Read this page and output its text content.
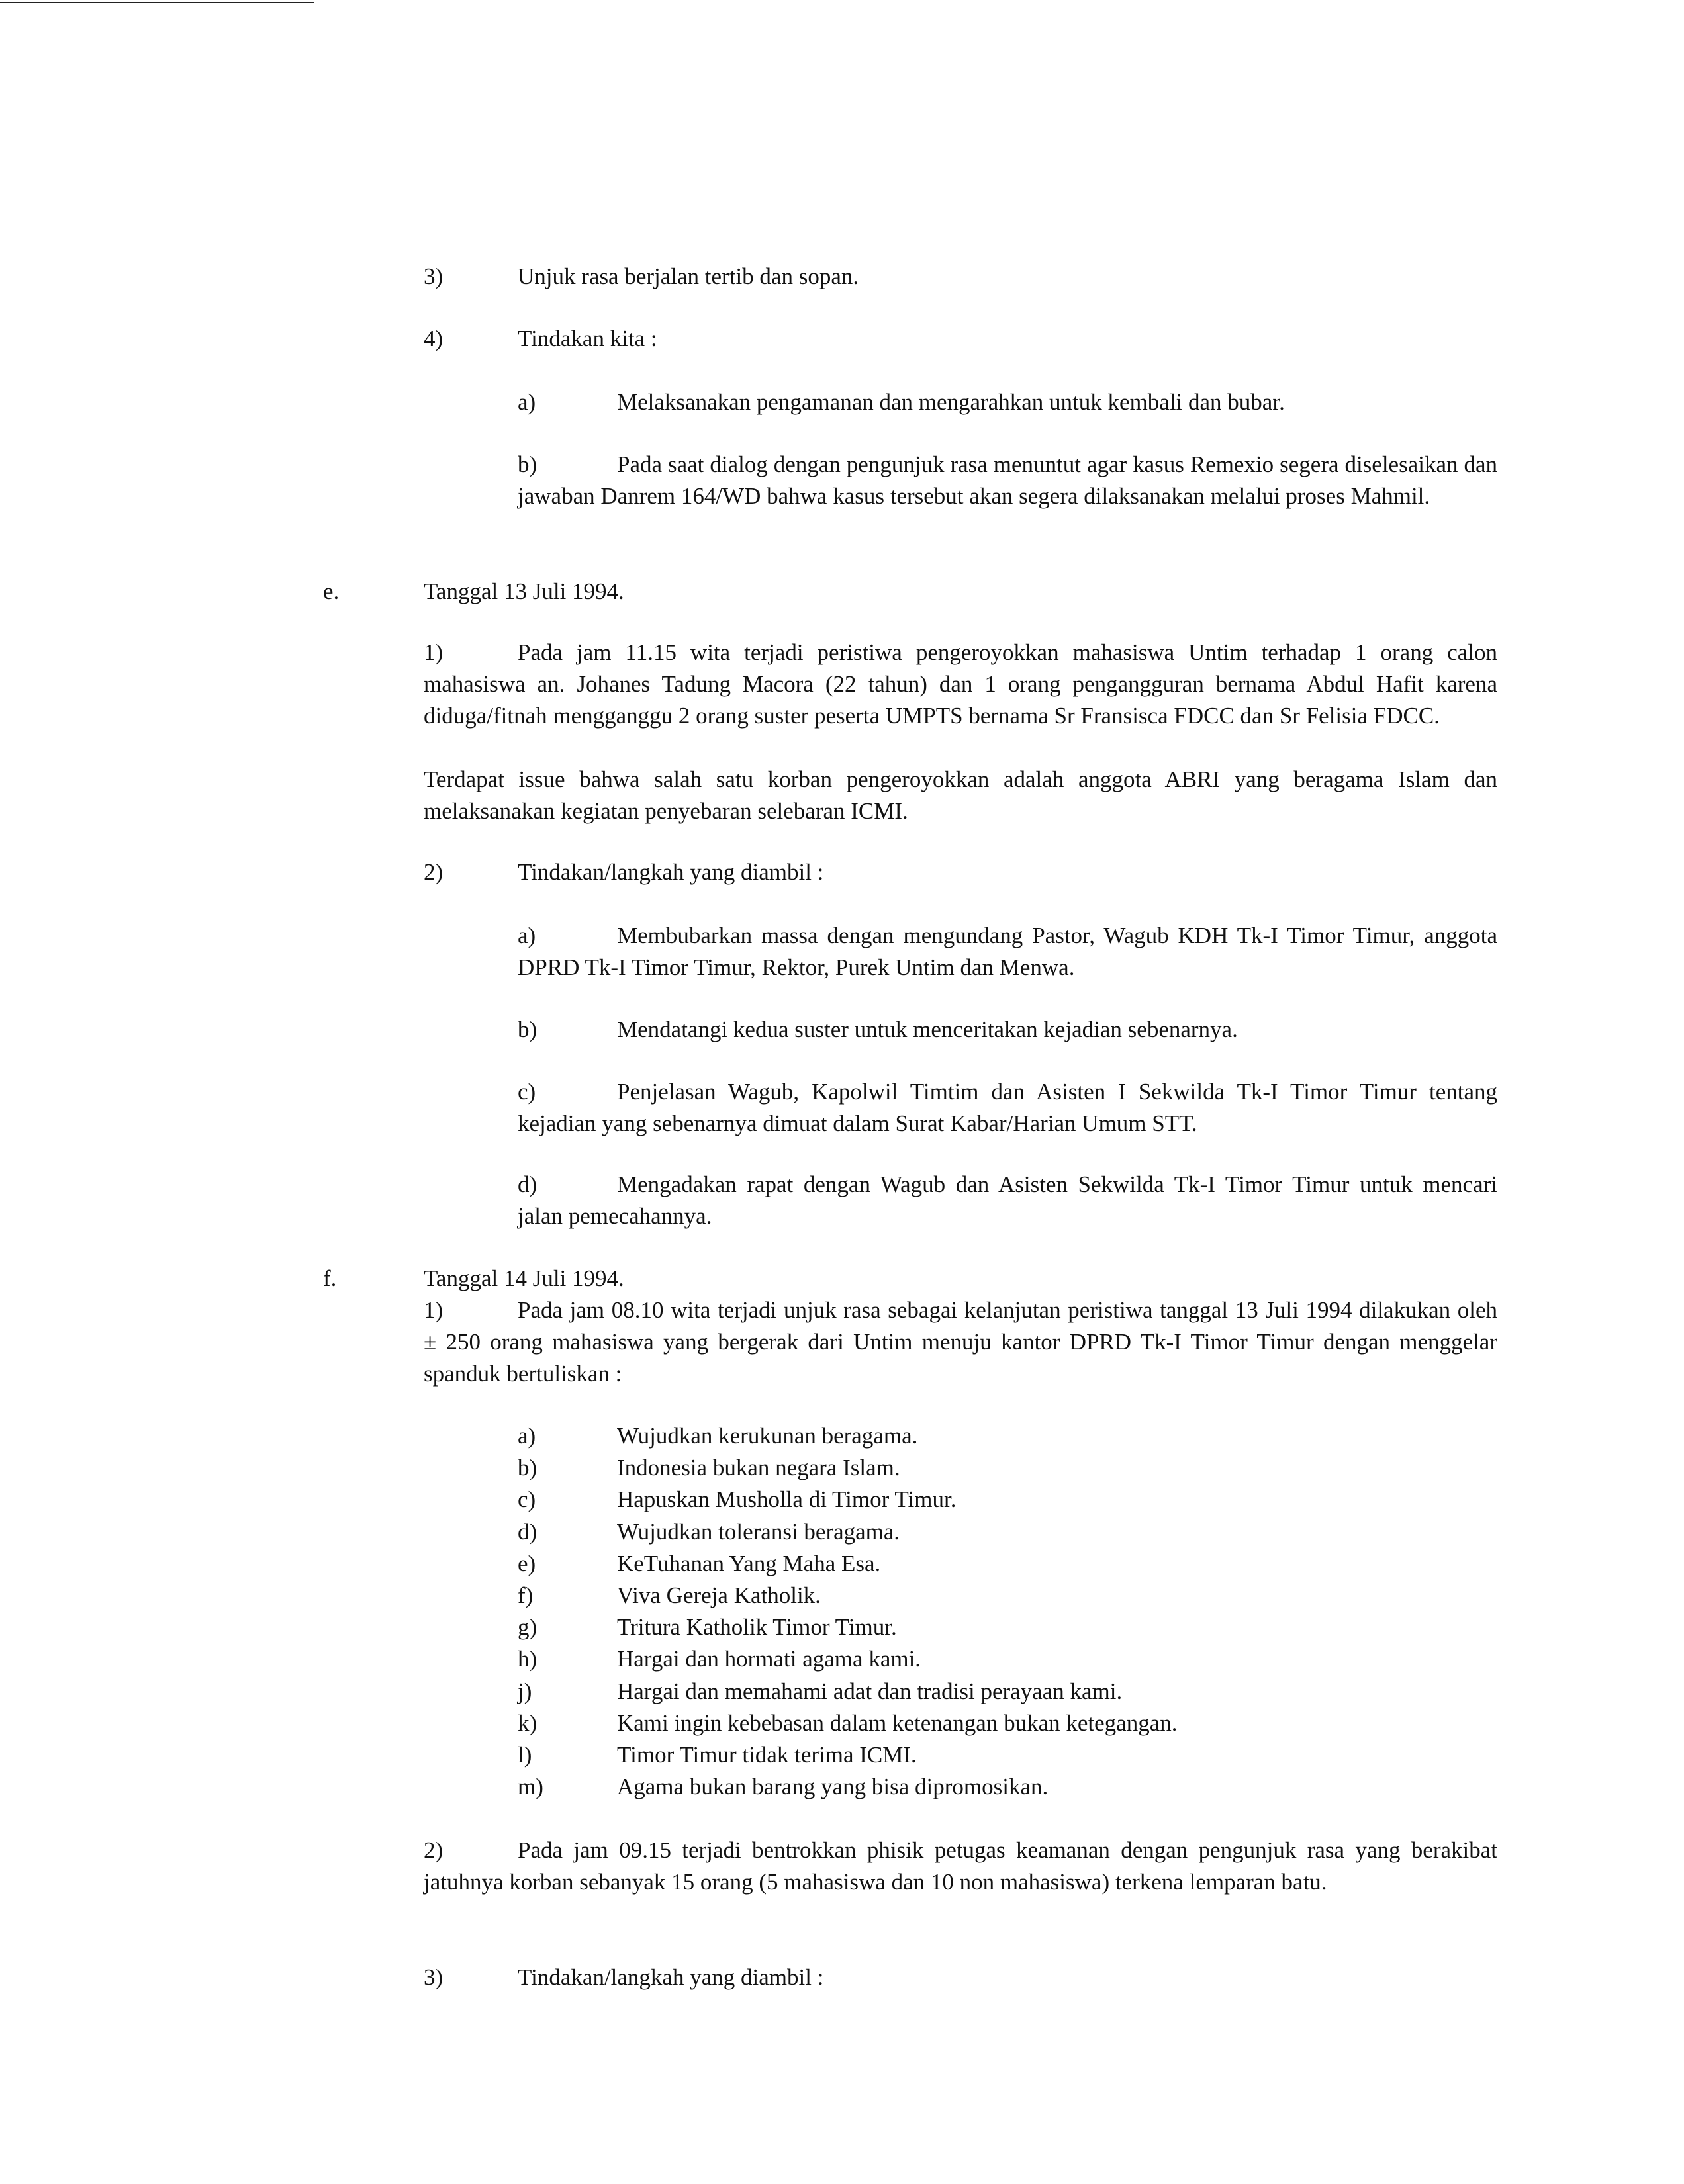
3)	Unjuk rasa berjalan tertib dan sopan.
4)	Tindakan kita :
a)	Melaksanakan pengamanan dan mengarahkan untuk kembali dan bubar.
b)	Pada saat dialog dengan pengunjuk rasa menuntut agar kasus Remexio segera diselesaikan dan jawaban Danrem 164/WD bahwa kasus tersebut akan segera dilaksanakan melalui proses Mahmil.
e.	Tanggal 13 Juli 1994.
1)	Pada jam 11.15 wita terjadi peristiwa pengeroyokkan mahasiswa Untim terhadap 1 orang calon mahasiswa an. Johanes Tadung Macora (22 tahun) dan 1 orang pengangguran bernama Abdul Hafit karena diduga/fitnah mengganggu 2 orang suster peserta UMPTS bernama Sr Fransisca FDCC dan Sr Felisia FDCC.
Terdapat issue bahwa salah satu korban pengeroyokkan adalah anggota ABRI yang beragama Islam dan melaksanakan kegiatan penyebaran selebaran ICMI.
2)	Tindakan/langkah yang diambil :
a)	Membubarkan massa dengan mengundang Pastor, Wagub KDH Tk-I Timor Timur, anggota DPRD Tk-I Timor Timur, Rektor, Purek Untim dan Menwa.
b)	Mendatangi kedua suster untuk menceritakan kejadian sebenarnya.
c)	Penjelasan Wagub, Kapolwil Timtim dan Asisten I Sekwilda Tk-I Timor Timur tentang kejadian yang sebenarnya dimuat dalam Surat Kabar/Harian Umum STT.
d)	Mengadakan rapat dengan Wagub dan Asisten Sekwilda Tk-I Timor Timur untuk mencari jalan pemecahannya.
f.	Tanggal 14 Juli 1994.
1)	Pada jam 08.10 wita terjadi unjuk rasa sebagai kelanjutan peristiwa tanggal 13 Juli 1994 dilakukan oleh ± 250 orang mahasiswa yang bergerak dari Untim menuju kantor DPRD Tk-I Timor Timur dengan menggelar spanduk bertuliskan :
a)	Wujudkan kerukunan beragama.
b)	Indonesia bukan negara Islam.
c)	Hapuskan Musholla di Timor Timur.
d)	Wujudkan toleransi beragama.
e)	KeTuhanan Yang Maha Esa.
f)	Viva Gereja Katholik.
g)	Tritura Katholik Timor Timur.
h)	Hargai dan hormati agama kami.
j)	Hargai dan memahami adat dan tradisi perayaan kami.
k)	Kami ingin kebebasan dalam ketenangan bukan ketegangan.
l)	Timor Timur tidak terima ICMI.
m)	Agama bukan barang yang bisa dipromosikan.
2)	Pada jam 09.15 terjadi bentrokkan phisik petugas keamanan dengan pengunjuk rasa yang berakibat jatuhnya korban sebanyak 15 orang (5 mahasiswa dan 10 non mahasiswa) terkena lemparan batu.
3)	Tindakan/langkah yang diambil :
